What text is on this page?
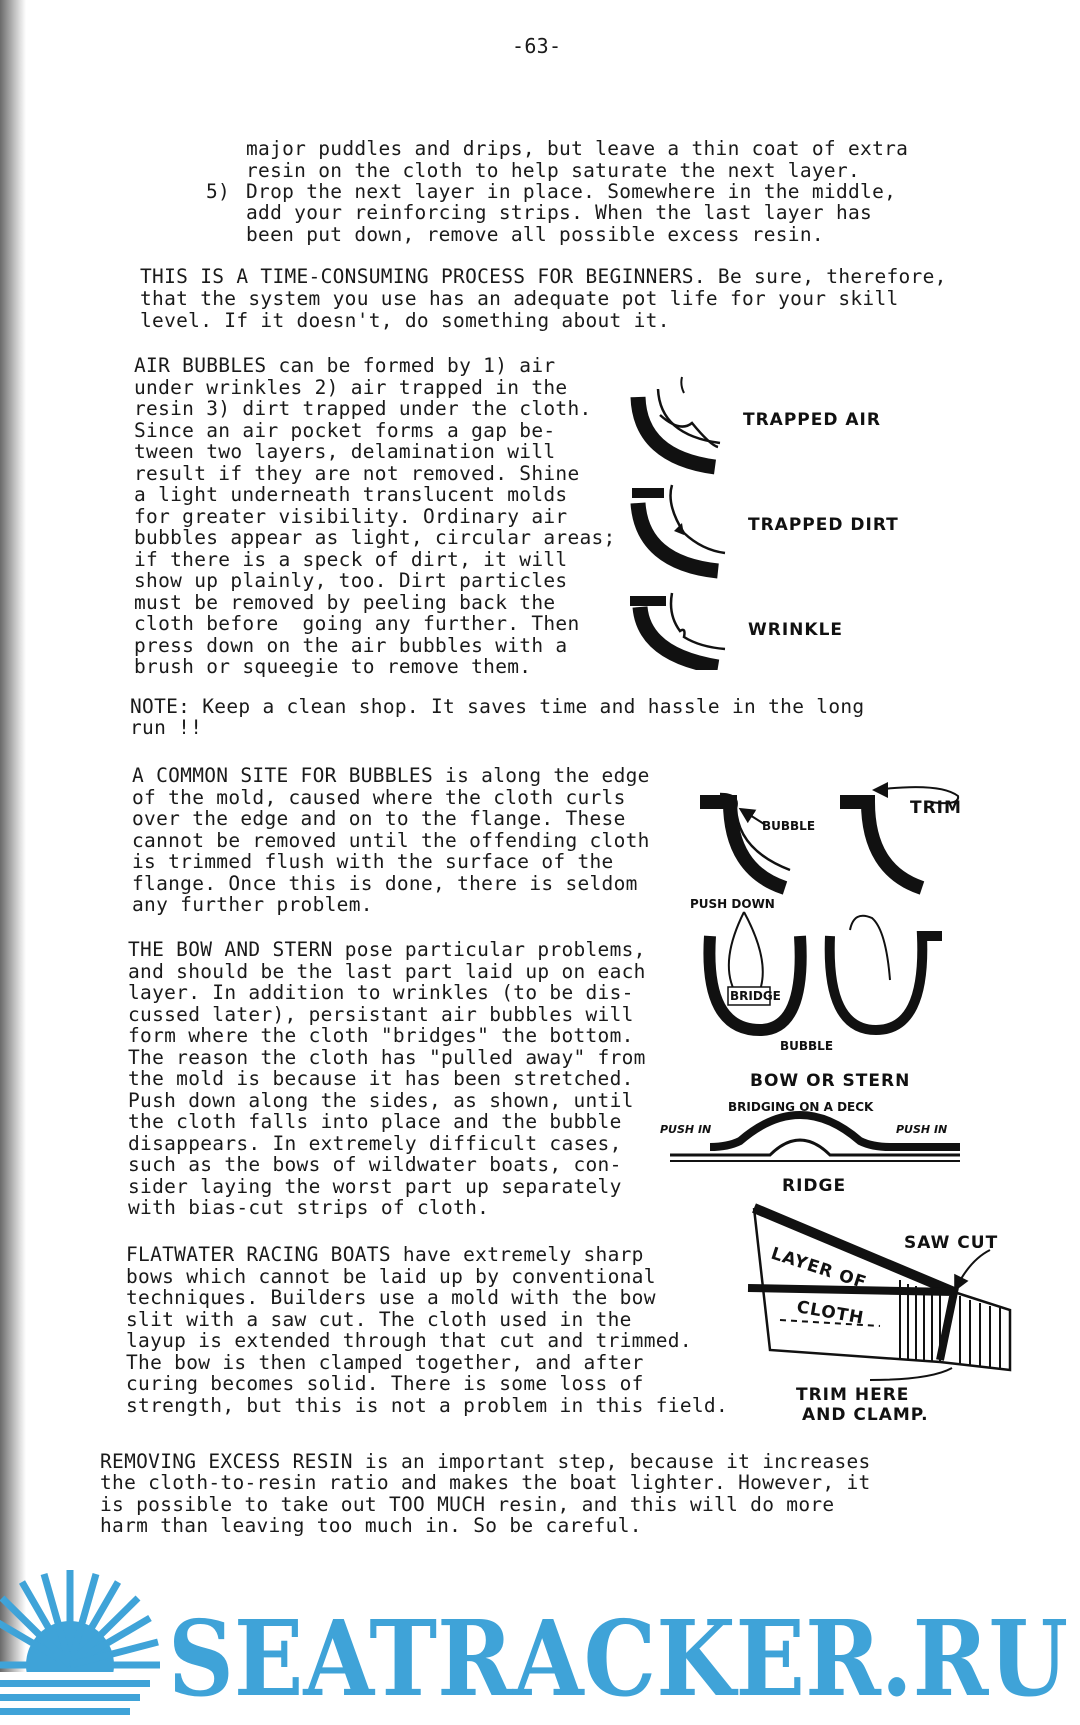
-63-
major puddles and drips, but leave a thin coat of extra
resin on the cloth to help saturate the next layer.
5) Drop the next layer in place. Somewhere in the middle,
add your reinforcing strips. When the last layer has
been put down, remove all possible excess resin.
THIS IS A TIME-CONSUMING PROCESS FOR BEGINNERS. Be sure, therefore,
that the system you use has an adequate pot life for your skill
level. If it doesn't, do something about it.
AIR BUBBLES can be formed by 1) air
under wrinkles 2) air trapped in the
resin 3) dirt trapped under the cloth.
Since an air pocket forms a gap be-
tween two layers, delamination will
result if they are not removed. Shine
a light underneath translucent molds
for greater visibility. Ordinary air
bubbles appear as light, circular areas;
if there is a speck of dirt, it will
show up plainly, too. Dirt particles
must be removed by peeling back the
cloth before  going any further. Then
press down on the air bubbles with a
brush or squeegie to remove them.
NOTE: Keep a clean shop. It saves time and hassle in the long
run !!
A COMMON SITE FOR BUBBLES is along the edge
of the mold, caused where the cloth curls
over the edge and on to the flange. These
cannot be removed until the offending cloth
is trimmed flush with the surface of the
flange. Once this is done, there is seldom
any further problem.
THE BOW AND STERN pose particular problems,
and should be the last part laid up on each
layer. In addition to wrinkles (to be dis-
cussed later), persistant air bubbles will
form where the cloth "bridges" the bottom.
The reason the cloth has "pulled away" from
the mold is because it has been stretched.
Push down along the sides, as shown, until
the cloth falls into place and the bubble
disappears. In extremely difficult cases,
such as the bows of wildwater boats, con-
sider laying the worst part up separately
with bias-cut strips of cloth.
FLATWATER RACING BOATS have extremely sharp
bows which cannot be laid up by conventional
techniques. Builders use a mold with the bow
slit with a saw cut. The cloth used in the
layup is extended through that cut and trimmed.
The bow is then clamped together, and after
curing becomes solid. There is some loss of
strength, but this is not a problem in this field.
REMOVING EXCESS RESIN is an important step, because it increases
the cloth-to-resin ratio and makes the boat lighter. However, it
is possible to take out TOO MUCH resin, and this will do more
harm than leaving too much in. So be careful.
TRAPPED AIR
TRAPPED DIRT
WRINKLE
BUBBLE
TRIM
PUSH DOWN
BRIDGE
BUBBLE
BOW OR STERN
BRIDGING ON A DECK
PUSH IN	PUSH IN
RIDGE
SAW CUT
LAYER OF
CLOTH
TRIM HERE
AND CLAMP.
SEATRACKER.RU
